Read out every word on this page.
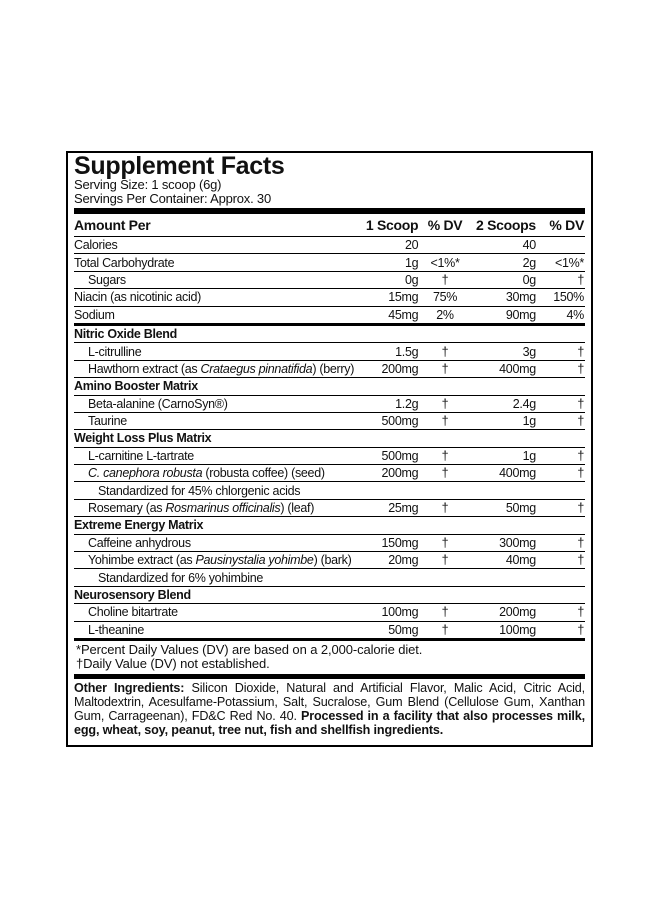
Supplement Facts
Serving Size: 1 scoop (6g)
Servings Per Container: Approx. 30
Amount Per	1 Scoop	% DV	2 Scoops	% DV
Calories	20		40	
Total Carbohydrate	1g	<1%*	2g	<1%*
Sugars	0g	†	0g	†
Niacin (as nicotinic acid)	15mg	75%	30mg	150%
Sodium	45mg	2%	90mg	4%
Nitric Oxide Blend				
L-citrulline	1.5g	†	3g	†
Hawthorn extract (as Crataegus pinnatifida) (berry)	200mg	†	400mg	†
Amino Booster Matrix				
Beta-alanine (CarnoSyn®)	1.2g	†	2.4g	†
Taurine	500mg	†	1g	†
Weight Loss Plus Matrix				
L-carnitine L-tartrate	500mg	†	1g	†
C. canephora robusta (robusta coffee) (seed)	200mg	†	400mg	†
Standardized for 45% chlorgenic acids				
Rosemary (as Rosmarinus officinalis) (leaf)	25mg	†	50mg	†
Extreme Energy Matrix				
Caffeine anhydrous	150mg	†	300mg	†
Yohimbe extract (as Pausinystalia yohimbe) (bark)	20mg	†	40mg	†
Standardized for 6% yohimbine				
Neurosensory Blend				
Choline bitartrate	100mg	†	200mg	†
L-theanine	50mg	†	100mg	†
*Percent Daily Values (DV) are based on a 2,000-calorie diet.
†Daily Value (DV) not established.
Other Ingredients: Silicon Dioxide, Natural and Artificial Flavor, Malic Acid, Citric Acid, Maltodextrin, Acesulfame-Potassium, Salt, Sucralose, Gum Blend (Cellulose Gum, Xanthan Gum, Carrageenan), FD&C Red No. 40. Processed in a facility that also processes milk, egg, wheat, soy, peanut, tree nut, fish and shellfish ingredients.
